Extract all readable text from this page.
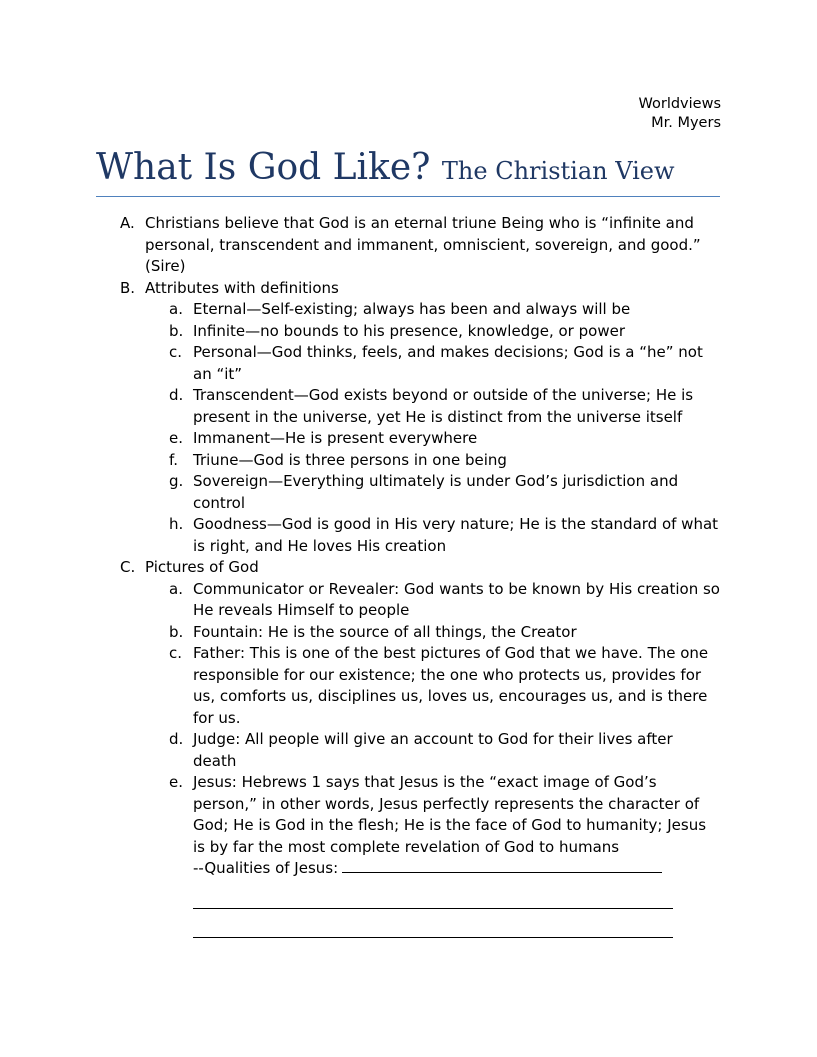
Worldviews
Mr. Myers
What Is God Like? The Christian View
A. Christians believe that God is an eternal triune Being who is “infinite and personal, transcendent and immanent, omniscient, sovereign, and good.” (Sire)
B. Attributes with definitions
a. Eternal—Self-existing; always has been and always will be
b. Infinite—no bounds to his presence, knowledge, or power
c. Personal—God thinks, feels, and makes decisions; God is a “he” not an “it”
d. Transcendent—God exists beyond or outside of the universe; He is present in the universe, yet He is distinct from the universe itself
e. Immanent—He is present everywhere
f. Triune—God is three persons in one being
g. Sovereign—Everything ultimately is under God’s jurisdiction and control
h. Goodness—God is good in His very nature; He is the standard of what is right, and He loves His creation
C. Pictures of God
a. Communicator or Revealer: God wants to be known by His creation so He reveals Himself to people
b. Fountain: He is the source of all things, the Creator
c. Father: This is one of the best pictures of God that we have. The one responsible for our existence; the one who protects us, provides for us, comforts us, disciplines us, loves us, encourages us, and is there for us.
d. Judge: All people will give an account to God for their lives after death
e. Jesus: Hebrews 1 says that Jesus is the “exact image of God’s person,” in other words, Jesus perfectly represents the character of God; He is God in the flesh; He is the face of God to humanity; Jesus is by far the most complete revelation of God to humans
--Qualities of Jesus:
